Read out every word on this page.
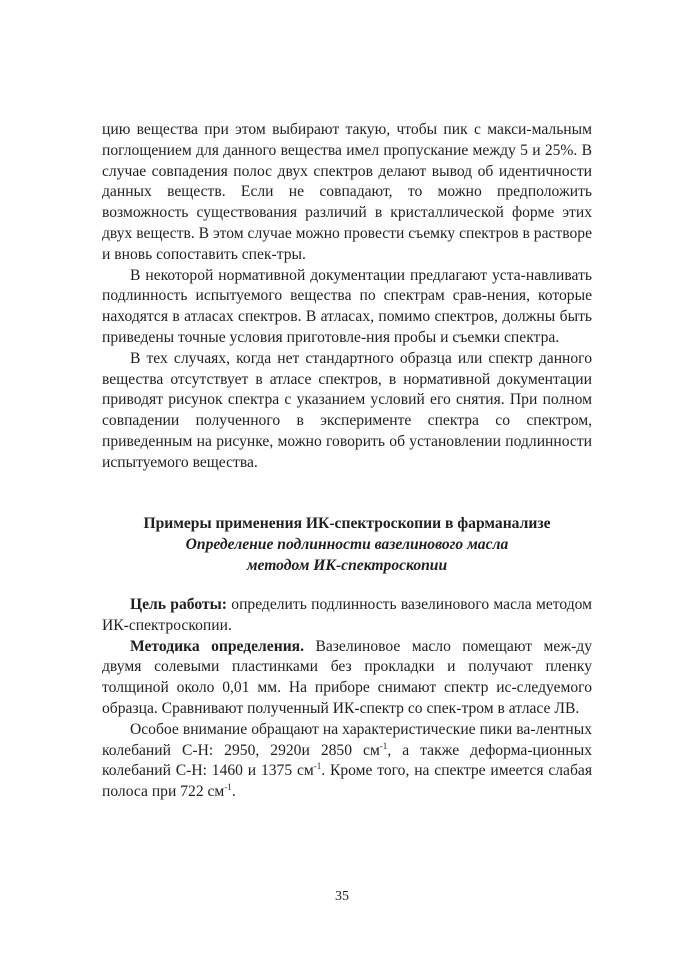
цию вещества при этом выбирают такую, чтобы пик с макси-мальным поглощением для данного вещества имел пропускание между 5 и 25%. В случае совпадения полос двух спектров делают вывод об идентичности данных веществ. Если не совпадают, то можно предположить возможность существования различий в кристаллической форме этих двух веществ. В этом случае можно провести съемку спектров в растворе и вновь сопоставить спек-тры.

В некоторой нормативной документации предлагают уста-навливать подлинность испытуемого вещества по спектрам срав-нения, которые находятся в атласах спектров. В атласах, помимо спектров, должны быть приведены точные условия приготовле-ния пробы и съемки спектра.

В тех случаях, когда нет стандартного образца или спектр данного вещества отсутствует в атласе спектров, в нормативной документации приводят рисунок спектра с указанием условий его снятия. При полном совпадении полученного в эксперименте спектра со спектром, приведенным на рисунке, можно говорить об установлении подлинности испытуемого вещества.

Примеры применения ИК-спектроскопии в фарманализе
Определение подлинности вазелинового масла
методом ИК-спектроскопии

Цель работы: определить подлинность вазелинового масла методом ИК-спектроскопии.

Методика определения. Вазелиновое масло помещают меж-ду двумя солевыми пластинками без прокладки и получают пленку толщиной около 0,01 мм. На приборе снимают спектр ис-следуемого образца. Сравнивают полученный ИК-спектр со спек-тром в атласе ЛВ.

Особое внимание обращают на характеристические пики ва-лентных колебаний С-Н: 2950, 2920и 2850 $см^{-1}$, а также деформа-ционных колебаний С-Н: 1460 и 1375 $см^{-1}$. Кроме того, на спектре имеется слабая полоса при 722 $см^{-1}$.

35
